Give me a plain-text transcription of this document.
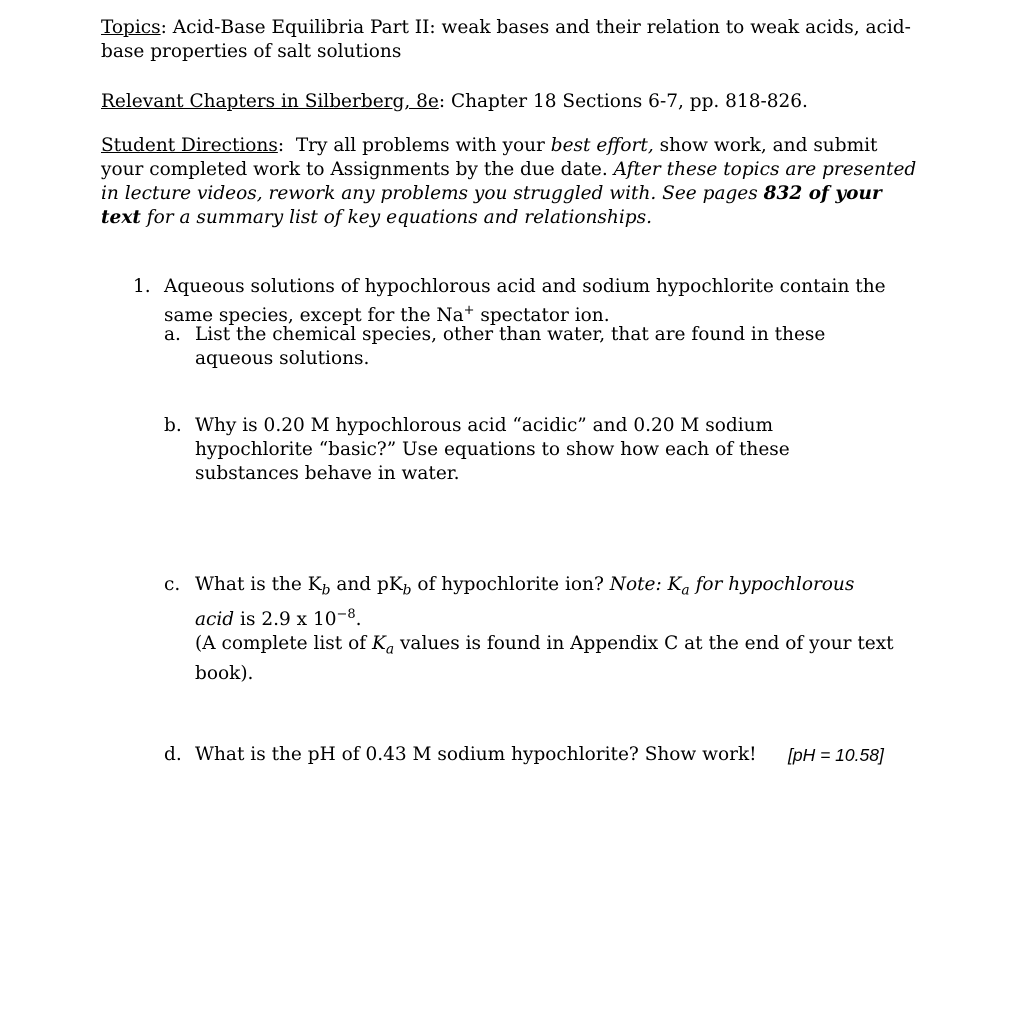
Topics: Acid-Base Equilibria Part II: weak bases and their relation to weak acids, acid-base properties of salt solutions

Relevant Chapters in Silberberg, 8e: Chapter 18 Sections 6-7, pp. 818-826.

Student Directions:  Try all problems with your best effort, show work, and submit your completed work to Assignments by the due date. After these topics are presented in lecture videos, rework any problems you struggled with. See pages 832 of your text for a summary list of key equations and relationships.

1. Aqueous solutions of hypochlorous acid and sodium hypochlorite contain the same species, except for the Na+ spectator ion.

a. List the chemical species, other than water, that are found in these aqueous solutions.

b. Why is 0.20 M hypochlorous acid “acidic” and 0.20 M sodium hypochlorite “basic?” Use equations to show how each of these substances behave in water.

c. What is the $K_b$ and $pK_b$ of hypochlorite ion? Note: $K_a$ for hypochlorous acid is 2.9 x $10^{-8}$.
(A complete list of $K_a$ values is found in Appendix C at the end of your text book).

d. What is the pH of 0.43 M sodium hypochlorite? Show work!	[pH = 10.58]
